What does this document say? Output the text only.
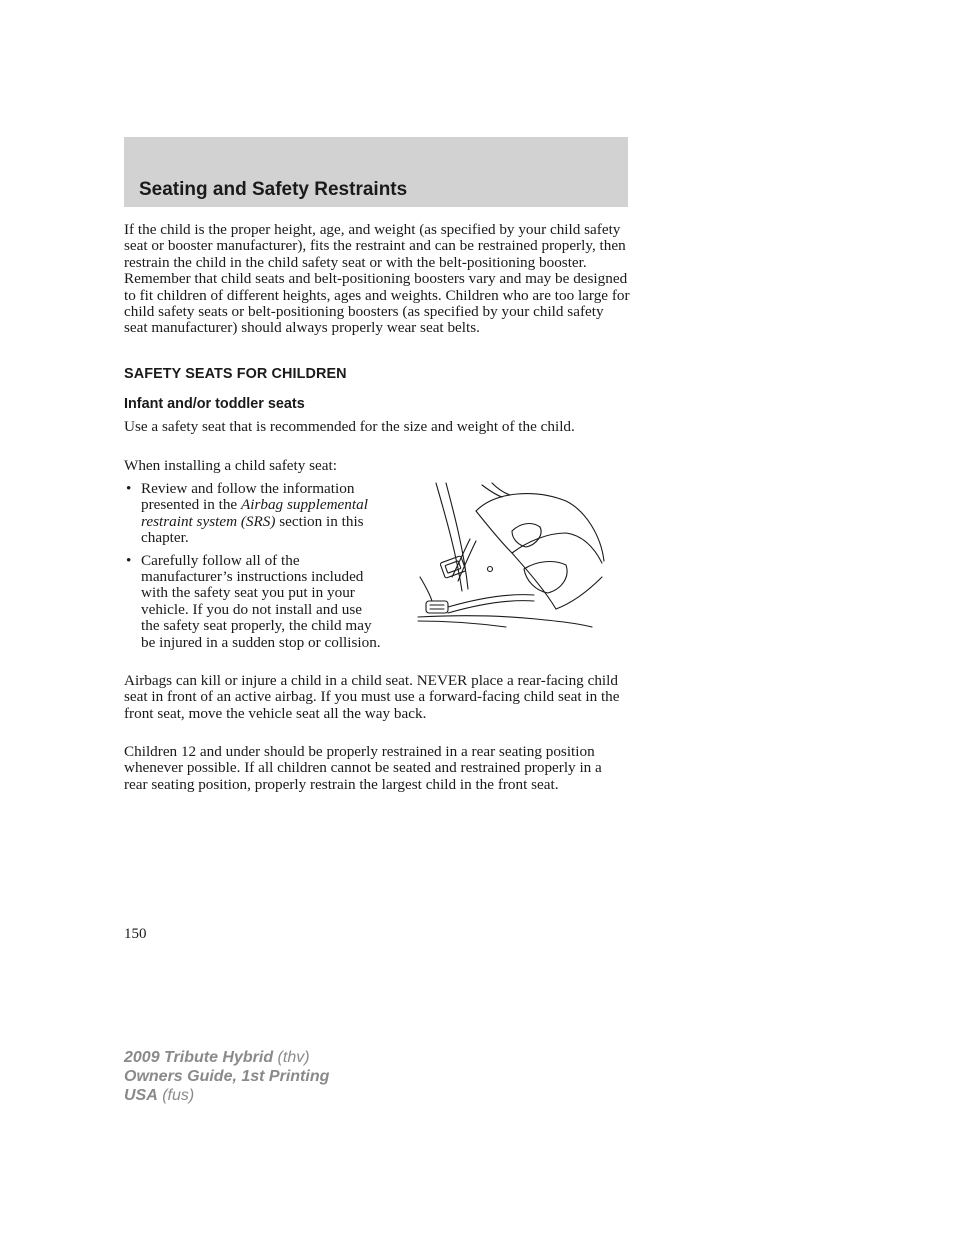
Seating and Safety Restraints

If the child is the proper height, age, and weight (as specified by your child safety seat or booster manufacturer), fits the restraint and can be restrained properly, then restrain the child in the child safety seat or with the belt-positioning booster. Remember that child seats and belt-positioning boosters vary and may be designed to fit children of different heights, ages and weights. Children who are too large for child safety seats or belt-positioning boosters (as specified by your child safety seat manufacturer) should always properly wear seat belts.

SAFETY SEATS FOR CHILDREN
Infant and/or toddler seats

Use a safety seat that is recommended for the size and weight of the child.

When installing a child safety seat:

• Review and follow the information presented in the Airbag supplemental restraint system (SRS) section in this chapter.
• Carefully follow all of the manufacturer’s instructions included with the safety seat you put in your vehicle. If you do not install and use the safety seat properly, the child may be injured in a sudden stop or collision.

Airbags can kill or injure a child in a child seat. NEVER place a rear-facing child seat in front of an active airbag. If you must use a forward-facing child seat in the front seat, move the vehicle seat all the way back.

Children 12 and under should be properly restrained in a rear seating position whenever possible. If all children cannot be seated and restrained properly in a rear seating position, properly restrain the largest child in the front seat.

150

2009 Tribute Hybrid (thv)
Owners Guide, 1st Printing
USA (fus)
